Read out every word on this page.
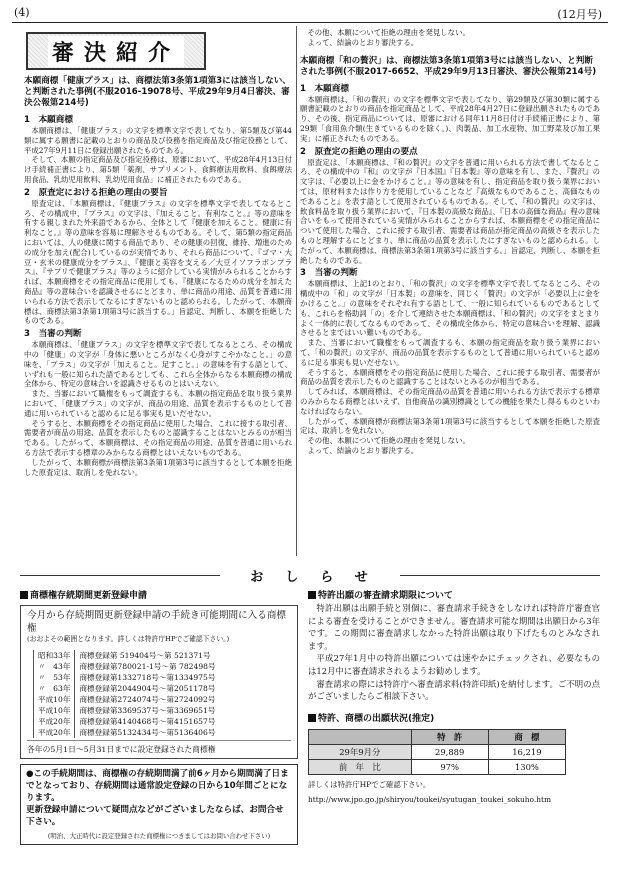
(4)	(12月号)
審決紹介
本願商標「健康プラス」は、商標法第3条第1項第3には該当しない、と判断された事例(不服2016-19078号、平成29年9月4日審決、審決公報第214号)
1　本願商標

本願商標は、「健康プラス」の文字を標準文字で表してなり、第5類及び第44類に属する願書に記載のとおりの商品及び役務を指定商品及び指定役務として、平成27年9月11日に登録出願されたものである。

そして、本願の指定商品及び指定役務は、原審において、平成28年4月13日付け手続補正書により、第5類「薬剤、サプリメント、食餌療法用飲料、食餌療法用食品、乳幼児用飲料、乳幼児用食品」に補正されたものである。

2　原査定における拒絶の理由の要旨

原査定は、「本願商標は、『健康プラス』の文字を標準文字で表してなるところ、その構成中、『プラス』の文字は、『加えること。有利なこと。』等の意味を有する親しまれた外来語であるから、全体として『健康を加えること。健康に有利なこと。』等の意味を容易に理解させるものである。そして、第5類の指定商品においては、人の健康に関する商品であり、その健康の回復、維持、増進のための成分を加え(配合)しているのが実情であり、それら商品について、『ゴマ・大豆・玄米の健康成分をプラス』、『健康と美容を支える／大豆イソフラボンプラス』、『サプリで健康プラス』等のように紹介している実情がみられることからすれば、本願商標をその指定商品に使用しても、『健康になるための成分を加えた商品』等の意味合いを認識させるにとどまり、単に商品の用途、品質を普通に用いられる方法で表示してなるにすぎないものと認められる。したがって、本願商標は、商標法第3条第1項第3号に該当する。」旨認定、判断し、本願を拒絶したものである。

3　当審の判断

本願商標は、「健康プラス」の文字を標準文字で表してなるところ、その構成中の「健康」の文字が「身体に悪いところがなく心身がすこやかなこと。」の意味を、「プラス」の文字が「加えること。足すこと。」の意味を有する語として、いずれも一般に知られた語であるとしても、これら全体からなる本願商標の構成全体から、特定の意味合いを認識させるものとはいえない。

また、当審において職権をもって調査するも、本願の指定商品を取り扱う業界において、「健康プラス」の文字が、商品の用途、品質を表示するものとして普通に用いられていると認めるに足る事実も見いだせない。

そうすると、本願商標をその指定商品に使用した場合、これに接する取引者、需要者が商品の用途、品質を表示したものと認識することはないとみるのが相当である。したがって、本願商標は、その指定商品の用途、品質を普通に用いられる方法で表示する標章のみからなる商標とはいえないものである。

したがって、本願商標が商標法第3条第1項第3号に該当するとして本願を拒絶した原査定は、取消しを免れない。

その他、本願について拒絶の理由を発見しない。

よって、結論のとおり審決する。

本願商標「和の贅沢」は、商標法第3条第1項第3号には該当しない、と判断された事例(不服2017-6652、平成29年9月13日審決、審決公報第214号)
1　本願商標

本願商標は、「和の贅沢」の文字を標準文字で表してなり、第29類及び第30類に属する願書記載のとおりの商品を指定商品として、平成28年4月27日に登録出願されたものであり、その後、指定商品については、原審における同年11月8日付け手続補正書により、第29類「食用魚介類(生きているものを除く。)、肉製品、加工水産物、加工野菜及び加工果実」に補正されたものである。

2　原査定の拒絶の理由の要点

原査定は、「本願商標は、『和の贅沢』の文字を普通に用いられる方法で書してなるところ、その構成中の『和』の文字が『日本国』『日本製』等の意味を有し、また、『贅沢』の文字は、『必要以上に金をかけること。』等の意味を有し、指定商品を取り扱う業界においては、原材料または作り方を使用していることなど『高級なものであること、高価なものであること』を表す語として使用されているものである。そして、『和の贅沢』の文字は、飲食料品を取り扱う業界において、『日本製の高級な商品』、『日本の高価な商品』程の意味合いをもって使用されている実情がみられることからすれば、本願商標をその指定商品について使用した場合、これに接する取引者、需要者は商品が指定商品の高級さを表示したものと理解するにとどまり、単に商品の品質を表示したにすぎないものと認められる。したがって、本願商標は、商標法第3条第1項第3号に該当する。」旨認定、判断し、本願を拒絶したものである。

3　当審の判断

本願商標は、上記1のとおり、「和の贅沢」の文字を標準文字で表してなるところ、その構成中の「和」の文字が「日本製」の意味を、同じく「贅沢」の文字が「必要以上に金をかけること。」の意味をそれぞれ有する語として、一般に知られているものであるとしても、これらを格助詞「の」を介して連結させた本願商標は、「和の贅沢」の文字をまとまりよく一体的に表してなるものであって、その構成全体から、特定の意味合いを理解、認識させるとまではいい難いものである。

また、当審において職権をもって調査するも、本願の指定商品を取り扱う業界において、「和の贅沢」の文字が、商品の品質を表示するものとして普通に用いられていると認めるに足る事実も見いだせない。

そうすると、本願商標をその指定商品に使用した場合、これに接する取引者、需要者が商品の品質を表示したものと認識することはないとみるのが相当である。

してみれば、本願商標は、その指定商品の品質を普通に用いられる方法で表示する標章のみからなる商標とはいえず、自他商品の識別標識としての機能を果たし得るものといわなければならない。

したがって、本願商標が商標法第3条第1項第3号に該当するとして本願を拒絶した原査定は、取消しを免れない。

その他、本願について拒絶の理由を発見しない。

よって、結論のとおり審決する。

おしらせ
商標権存続期間更新登録申請
今月から存続期間更新登録申請の手続き可能期間に入る商標権
(おおよその範囲となります。詳しくは特許庁HPでご確認下さい。)
昭和33年	商標登録第 519404号～第 521371号
〃　43年	商標登録第780021-1号～第 782498号
〃　53年	商標登録第1332718号～第1334975号
〃　63年	商標登録第2044904号～第2051178号
平成10年	商標登録第2724074号～第2724092号
平成10年	商標登録第3369537号～第3369651号
平成20年	商標登録第4140468号～第4151657号
平成20年	商標登録第5132434号～第5136406号
各年の5月1日～5月31日までに設定登録された商標権
●この手続期間は、商標権の存続期間満了前6ヶ月から期間満了日までとなっており、存続期間は通常設定登録の日から10年間ごとになります。
更新登録申請について疑問点などがございましたならば、お問合せ下さい。
(明治、大正時代に設定登録された商標権につきましてはお問い合わせ下さい)
特許出願の審査請求期限について

特許出願は出願手続と別個に、審査請求手続きをしなければ特許庁審査官による審査を受けることができません。審査請求可能な期間は出願日から3年です。この期間に審査請求しなかった特許出願は取り下げたものとみなされます。

平成27年1月中の特許出願については速やかにチェックされ、必要なものは12月中に審査請求されるようお勧めします。

審査請求の際には特許庁へ審査請求料(特許印紙)を納付します。ご不明の点がございましたらご相談下さい。

特許、商標の出願状況(推定)
	特　許	商　標
29年9月分	29,889	16,219
前　年　比	97%	130%
詳しくは特許庁HPでご確認下さい。
http://www.jpo.go.jp/shiryou/toukei/syutugan_toukei_sokuho.htm
